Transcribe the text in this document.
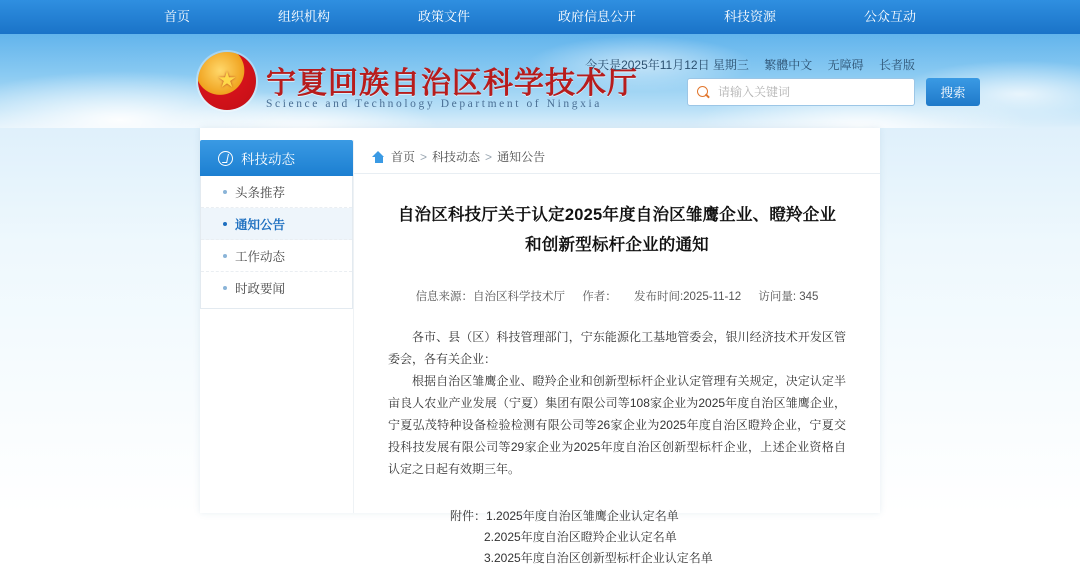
首页	组织机构	政策文件	政府信息公开	科技资源	公众互动
★
宁夏回族自治区科学技术厅
Science and Technology Department of Ningxia
今天是2025年11月12日 星期三 繁體中文 无障碍 长者版
请输入关键词
搜索
科技动态
头条推荐
通知公告
工作动态
时政要闻
首页 > 科技动态 > 通知公告
自治区科技厅关于认定2025年度自治区雏鹰企业、瞪羚企业
和创新型标杆企业的通知
信息来源：自治区科学技术厅 作者： 发布时间:2025-11-12 访问量: 345

各市、县（区）科技管理部门，宁东能源化工基地管委会，银川经济技术开发区管委会，各有关企业：

根据自治区雏鹰企业、瞪羚企业和创新型标杆企业认定管理有关规定，决定认定半亩良人农业产业发展（宁夏）集团有限公司等108家企业为2025年度自治区雏鹰企业，宁夏弘茂特种设备检验检测有限公司等26家企业为2025年度自治区瞪羚企业，宁夏交投科技发展有限公司等29家企业为2025年度自治区创新型标杆企业，上述企业资格自认定之日起有效期三年。

附件：1.2025年度自治区雏鹰企业认定名单
2.2025年度自治区瞪羚企业认定名单
3.2025年度自治区创新型标杆企业认定名单
